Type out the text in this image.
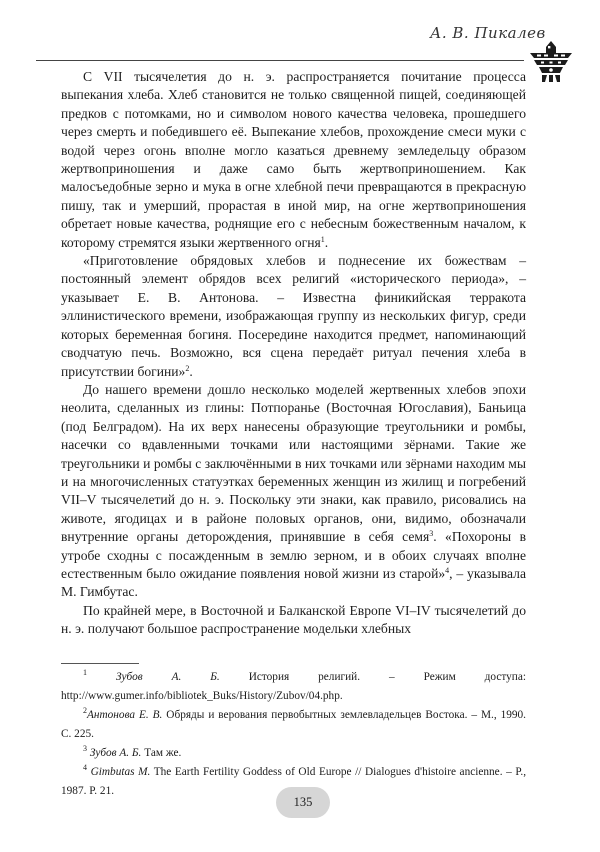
А. В. Пикалев

С VII тысячелетия до н. э. распространяется почитание процесса выпекания хлеба. Хлеб становится не только священной пищей, соединяющей предков с потомками, но и символом нового качества человека, прошедшего через смерть и победившего её. Выпекание хлебов, прохождение смеси муки с водой через огонь вполне могло казаться древнему земледельцу образом жертвоприношения и даже само быть жертвоприношением. Как малосъедобные зерно и мука в огне хлебной печи превращаются в прекрасную пишу, так и умерший, прорастая в иной мир, на огне жертвоприношения обретает новые качества, роднящие его с небесным божественным началом, к которому стремятся языки жертвенного огня$^1$.

«Приготовление обрядовых хлебов и поднесение их божествам – постоянный элемент обрядов всех религий «исторического периода», – указывает Е. В. Антонова. – Известна финикийская терракота эллинистического времени, изображающая группу из нескольких фигур, среди которых беременная богиня. Посередине находится предмет, напоминающий сводчатую печь. Возможно, вся сцена передаёт ритуал печения хлеба в присутствии богини»$^2$.

До нашего времени дошло несколько моделей жертвенных хлебов эпохи неолита, сделанных из глины: Потпоранье (Восточная Югославия), Баньица (под Белградом). На их верх нанесены образующие треугольники и ромбы, насечки со вдавленными точками или настоящими зёрнами. Такие же треугольники и ромбы с заключёнными в них точками или зёрнами находим мы и на многочисленных статуэтках беременных женщин из жилищ и погребений VII–V тысячелетий до н. э. Поскольку эти знаки, как правило, рисовались на животе, ягодицах и в районе половых органов, они, видимо, обозначали внутренние органы деторождения, принявшие в себя семя$^3$. «Похороны в утробе сходны с посажденным в землю зерном, и в обоих случаях вполне естественным было ожидание появления новой жизни из старой»$^4$, – указывала М. Гимбутас.

По крайней мере, в Восточной и Балканской Европе VI–IV тысячелетий до н. э. получают большое распространение модельки хлебных

$^1$	Зубов А. Б.	История религий. – Режим доступа: http://www.gumer.info/bibliotek_Buks/History/Zubov/04.php.

$^2$Антонова Е. В. Обряды и верования первобытных землевладельцев Востока. – М., 1990. С. 225.

$^3$ Зубов А. Б. Там же.

$^4$ Gimbutas M. The Earth Fertility Goddess of Old Europe // Dialogues d'histoire ancienne. – P., 1987. P. 21.

135
